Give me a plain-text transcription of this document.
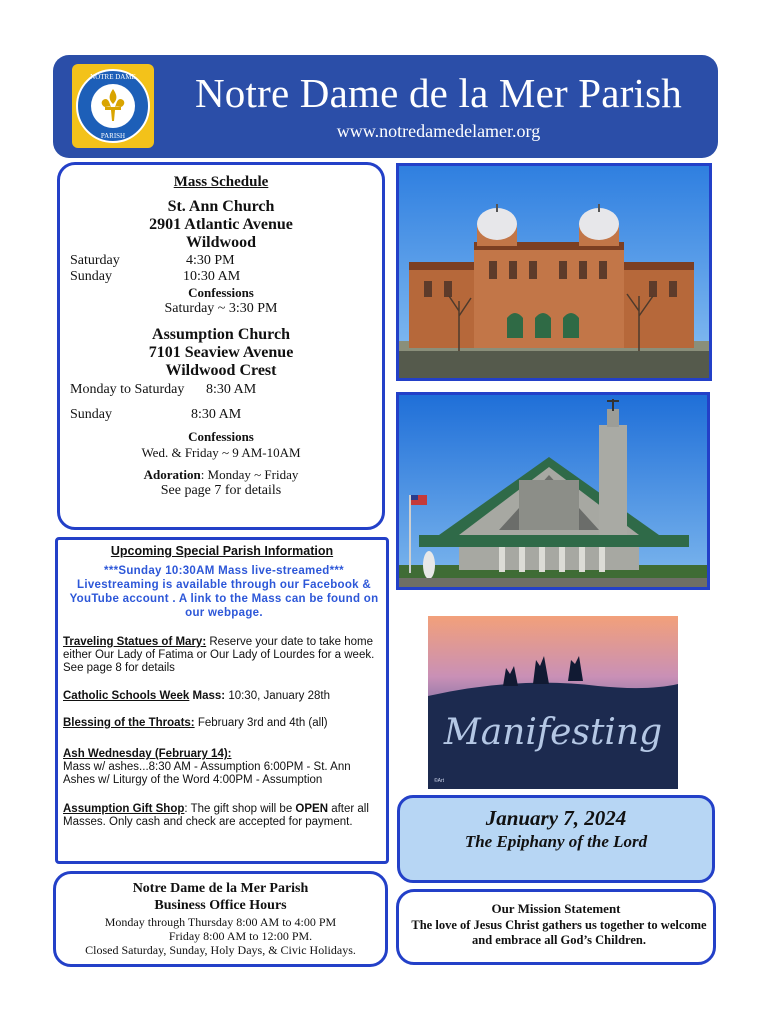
NOTRE DAME
PARISH
Notre Dame de la Mer Parish
www.notredamedelamer.org
Mass Schedule
St. Ann Church
2901 Atlantic Avenue
Wildwood
Saturday	4:30 PM
Sunday	10:30 AM
Confessions
Saturday ~ 3:30 PM
Assumption Church
7101 Seaview Avenue
Wildwood Crest
Monday to Saturday 8:30 AM
Sunday	8:30 AM
Confessions
Wed. & Friday ~ 9 AM-10AM
Adoration: Monday ~ Friday
See page 7 for details
Manifesting
©Art
Upcoming Special Parish Information
***Sunday 10:30AM Mass live-streamed*** Livestreaming is available through our Facebook & YouTube account . A link to the Mass can be found on our webpage.
Traveling Statues of Mary: Reserve your date to take home either Our Lady of Fatima or Our Lady of Lourdes for a week. See page 8 for details
Catholic Schools Week Mass: 10:30, January 28th
Blessing of the Throats: February 3rd and 4th (all)
Ash Wednesday (February 14):
Mass w/ ashes...8:30 AM - Assumption 6:00PM - St. Ann Ashes w/ Liturgy of the Word 4:00PM - Assumption
Assumption Gift Shop: The gift shop will be OPEN after all Masses. Only cash and check are accepted for payment.	January 7, 2024
The Epiphany of the Lord
Notre Dame de la Mer Parish
Business Office Hours
Monday through Thursday 8:00 AM to 4:00 PM
Friday 8:00 AM to 12:00 PM.
Closed Saturday, Sunday, Holy Days, & Civic Holidays.
Our Mission Statement
The love of Jesus Christ gathers us together to welcome and embrace all God’s Children.
